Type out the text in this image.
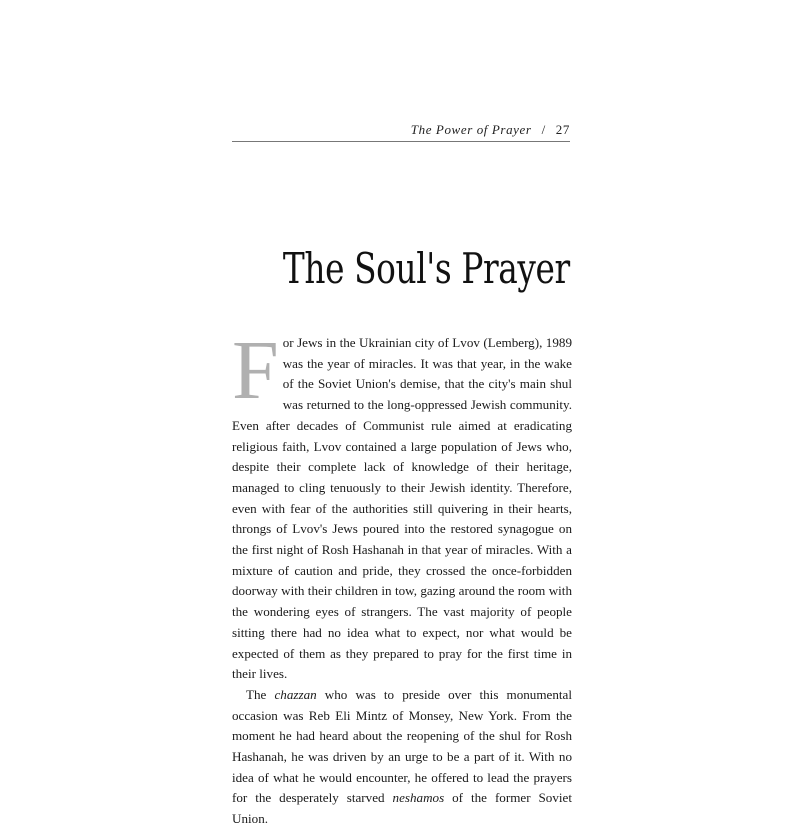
The Power of Prayer / 27
The Soul's Prayer

For Jews in the Ukrainian city of Lvov (Lemberg), 1989 was the year of miracles. It was that year, in the wake of the Soviet Union's demise, that the city's main shul was returned to the long-oppressed Jewish community. Even after decades of Communist rule aimed at eradicating religious faith, Lvov contained a large population of Jews who, despite their complete lack of knowledge of their heritage, managed to cling tenuously to their Jewish identity. Therefore, even with fear of the authorities still quivering in their hearts, throngs of Lvov's Jews poured into the restored synagogue on the first night of Rosh Hashanah in that year of miracles. With a mixture of caution and pride, they crossed the once-forbidden doorway with their children in tow, gazing around the room with the wondering eyes of strangers. The vast majority of people sitting there had no idea what to expect, nor what would be expected of them as they prepared to pray for the first time in their lives.

The chazzan who was to preside over this monumental occasion was Reb Eli Mintz of Monsey, New York. From the moment he had heard about the reopening of the shul for Rosh Hashanah, he was driven by an urge to be a part of it. With no idea of what he would encounter, he offered to lead the prayers for the desperately starved neshamos of the former Soviet Union.
